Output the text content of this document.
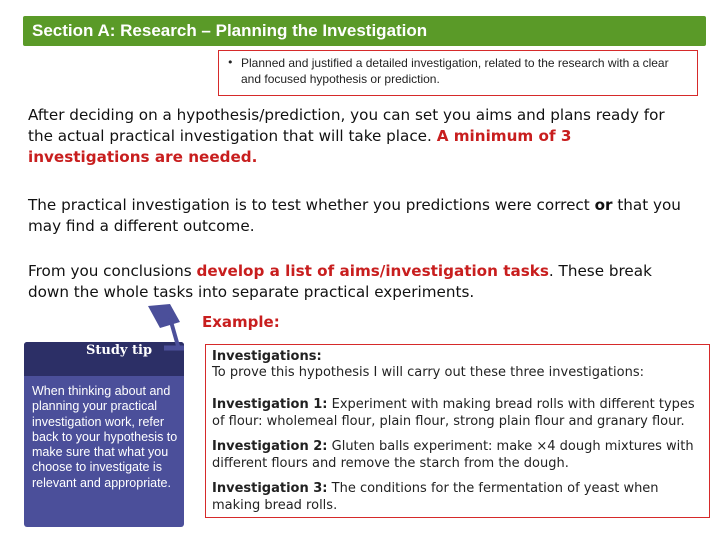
Section A: Research – Planning the Investigation
• Planned and justified a detailed investigation, related to the research with a clear and focused hypothesis or prediction.
After deciding on a hypothesis/prediction, you can set you aims and plans ready for the actual practical investigation that will take place. A minimum of 3 investigations are needed.
The practical investigation is to test whether you predictions were correct or that you may find a different outcome.
From you conclusions develop a list of aims/investigation tasks. These break down the whole tasks into separate practical experiments.
Example:
Study tip
When thinking about and planning your practical investigation work, refer back to your hypothesis to make sure that what you choose to investigate is relevant and appropriate.
Investigations:
To prove this hypothesis I will carry out these three investigations:
Investigation 1: Experiment with making bread rolls with different types of flour: wholemeal flour, plain flour, strong plain flour and granary flour.
Investigation 2: Gluten balls experiment: make ×4 dough mixtures with different flours and remove the starch from the dough.
Investigation 3: The conditions for the fermentation of yeast when making bread rolls.
